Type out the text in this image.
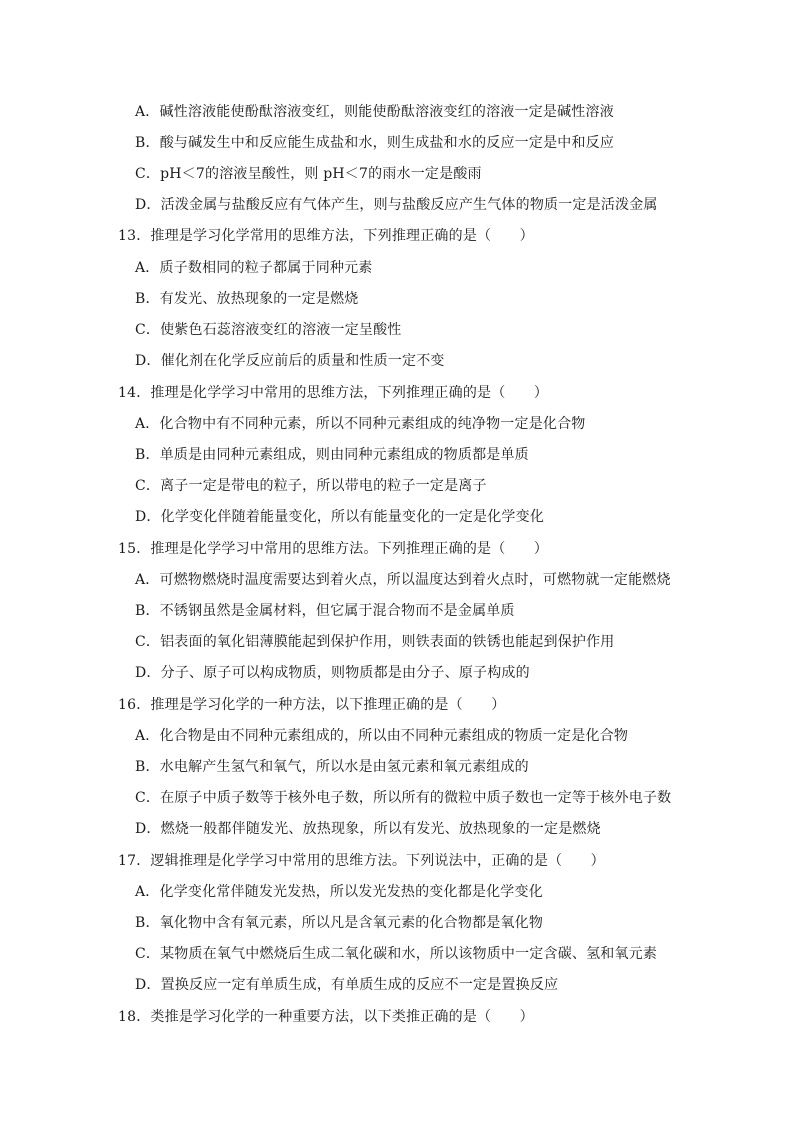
A．碱性溶液能使酚酞溶液变红，则能使酚酞溶液变红的溶液一定是碱性溶液
B．酸与碱发生中和反应能生成盐和水，则生成盐和水的反应一定是中和反应
C．pH＜7的溶液呈酸性，则 pH＜7的雨水一定是酸雨
D．活泼金属与盐酸反应有气体产生，则与盐酸反应产生气体的物质一定是活泼金属
13．推理是学习化学常用的思维方法，下列推理正确的是（　　）
A．质子数相同的粒子都属于同种元素
B．有发光、放热现象的一定是燃烧
C．使紫色石蕊溶液变红的溶液一定呈酸性
D．催化剂在化学反应前后的质量和性质一定不变
14．推理是化学学习中常用的思维方法，下列推理正确的是（　　）
A．化合物中有不同种元素，所以不同种元素组成的纯净物一定是化合物
B．单质是由同种元素组成，则由同种元素组成的物质都是单质
C．离子一定是带电的粒子，所以带电的粒子一定是离子
D．化学变化伴随着能量变化，所以有能量变化的一定是化学变化
15．推理是化学学习中常用的思维方法。下列推理正确的是（　　）
A．可燃物燃烧时温度需要达到着火点，所以温度达到着火点时，可燃物就一定能燃烧
B．不锈钢虽然是金属材料，但它属于混合物而不是金属单质
C．铝表面的氧化铝薄膜能起到保护作用，则铁表面的铁锈也能起到保护作用
D．分子、原子可以构成物质，则物质都是由分子、原子构成的
16．推理是学习化学的一种方法，以下推理正确的是（　　）
A．化合物是由不同种元素组成的，所以由不同种元素组成的物质一定是化合物
B．水电解产生氢气和氧气，所以水是由氢元素和氧元素组成的
C．在原子中质子数等于核外电子数，所以所有的微粒中质子数也一定等于核外电子数
D．燃烧一般都伴随发光、放热现象，所以有发光、放热现象的一定是燃烧
17．逻辑推理是化学学习中常用的思维方法。下列说法中，正确的是（　　）
A．化学变化常伴随发光发热，所以发光发热的变化都是化学变化
B．氧化物中含有氧元素，所以凡是含氧元素的化合物都是氧化物
C．某物质在氧气中燃烧后生成二氧化碳和水，所以该物质中一定含碳、氢和氧元素
D．置换反应一定有单质生成，有单质生成的反应不一定是置换反应
18．类推是学习化学的一种重要方法，以下类推正确的是（　　）
